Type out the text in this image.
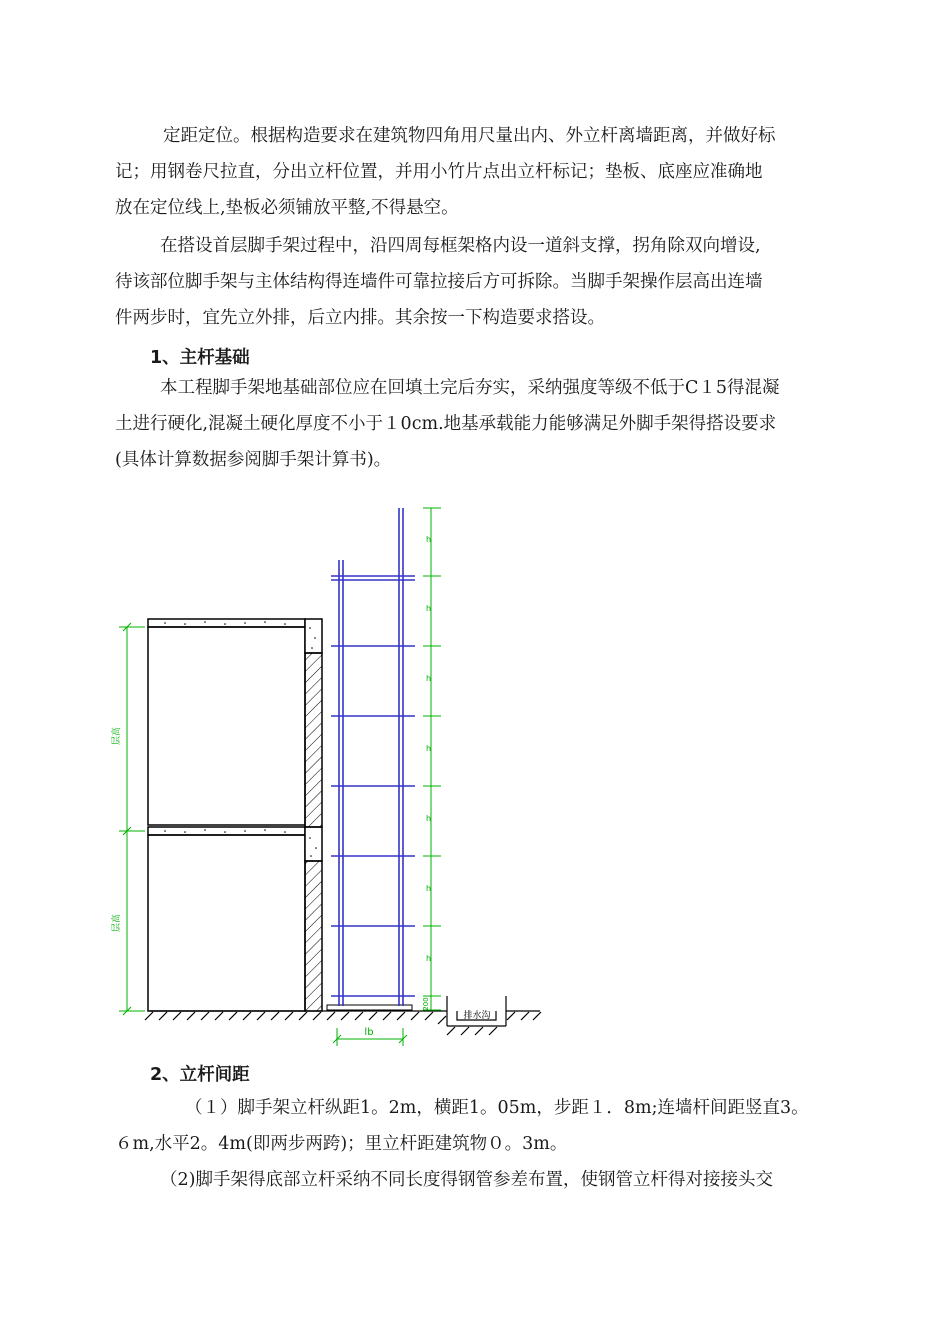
定距定位。根据构造要求在建筑物四角用尺量出内、外立杆离墙距离，并做好标
记；用钢卷尺拉直，分出立杆位置，并用小竹片点出立杆标记；垫板、底座应准确地
放在定位线上,垫板必须铺放平整,不得悬空。

在搭设首层脚手架过程中，沿四周每框架格内设一道斜支撑，拐角除双向增设,
待该部位脚手架与主体结构得连墙件可靠拉接后方可拆除。当脚手架操作层高出连墙
件两步时，宜先立外排，后立内排。其余按一下构造要求搭设。

1、主杆基础

本工程脚手架地基础部位应在回填土完后夯实，采纳强度等级不低于C１5得混凝
土进行硬化,混凝土硬化厚度不小于１0cm.地基承载能力能够满足外脚手架得搭设要求
(具体计算数据参阅脚手架计算书)。

排水沟
层高
层高
h
h
h
h
h
h
h
200
lb

2、立杆间距

（１）脚手架立杆纵距1。2m，横距1。05m，步距１．8m;连墙杆间距竖直3。
６m,水平2。4m(即两步两跨)；里立杆距建筑物０。3m。

（2)脚手架得底部立杆采纳不同长度得钢管参差布置，使钢管立杆得对接接头交
